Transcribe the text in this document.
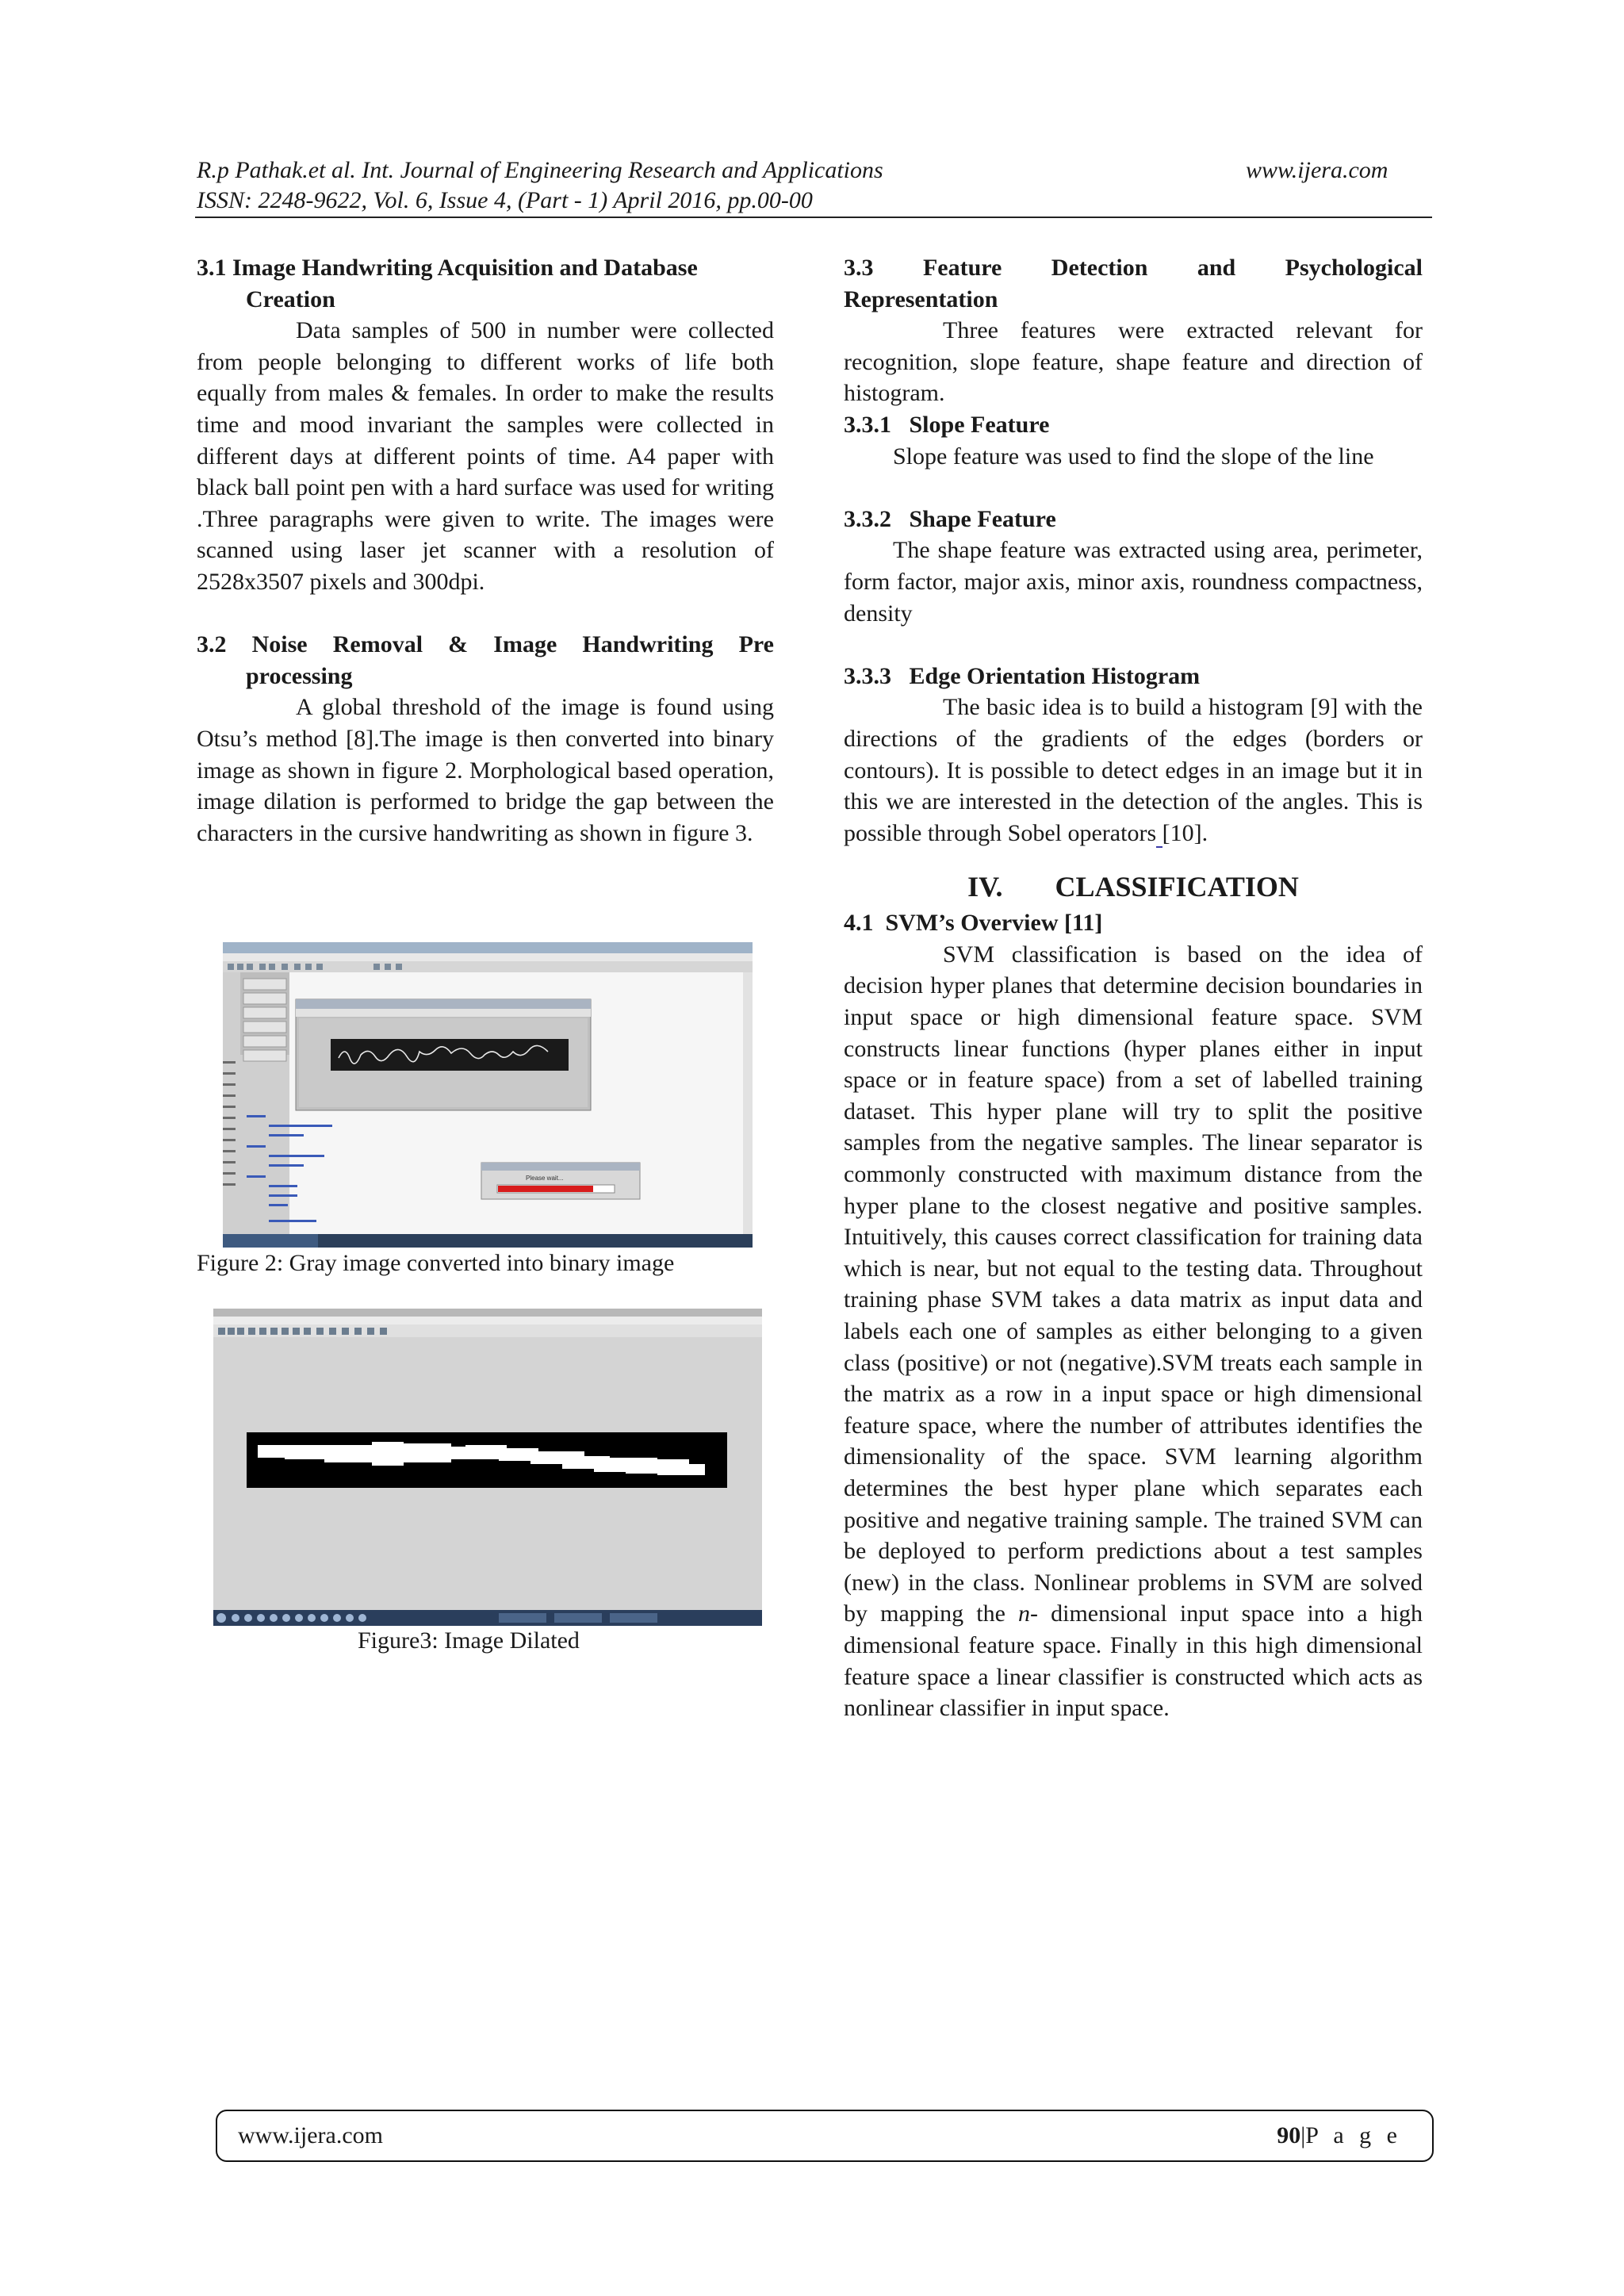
R.p Pathak.et al. Int. Journal of Engineering Research and Applications	www.ijera.com
ISSN: 2248-9622, Vol. 6, Issue 4, (Part - 1) April 2016, pp.00-00
3.1 Image Handwriting Acquisition and Database
Creation

Data samples of 500 in number were collected from people belonging to different works of life both equally from males & females. In order to make the results time and mood invariant the samples were collected in different days at different points of time. A4 paper with black ball point pen with a hard surface was used for writing .Three paragraphs were given to write. The images were scanned using laser jet scanner with a resolution of 2528x3507 pixels and 300dpi.

3.2 Noise Removal & Image Handwriting Pre
processing

A global threshold of the image is found using Otsu’s method [8].The image is then converted into binary image as shown in figure 2. Morphological based operation, image dilation is performed to bridge the gap between the characters in the cursive handwriting as shown in figure 3.

Please wait...
Figure 2: Gray image converted into binary image
Figure3: Image Dilated
3.3 Feature Detection and Psychological
Representation

Three features were extracted relevant for recognition, slope feature, shape feature and direction of histogram.

3.3.1   Slope Feature

Slope feature was used to find the slope of the line

3.3.2   Shape Feature

The shape feature was extracted using area, perimeter, form factor, major axis, minor axis, roundness compactness, density

3.3.3   Edge Orientation Histogram

The basic idea is to build a histogram [9] with the directions of the gradients of the edges (borders or contours). It is possible to detect edges in an image but it in this we are interested in the detection of the angles. This is possible through Sobel operators [10].

IV. CLASSIFICATION
4.1  SVM’s Overview [11]

SVM classification is based on the idea of decision hyper planes that determine decision boundaries in input space or high dimensional feature space. SVM constructs linear functions (hyper planes either in input space or in feature space) from a set of labelled training dataset. This hyper plane will try to split the positive samples from the negative samples. The linear separator is commonly constructed with maximum distance from the hyper plane to the closest negative and positive samples. Intuitively, this causes correct classification for training data which is near, but not equal to the testing data. Throughout training phase SVM takes a data matrix as input data and labels each one of samples as either belonging to a given class (positive) or not (negative).SVM treats each sample in the matrix as a row in a input space or high dimensional feature space, where the number of attributes identifies the dimensionality of the space. SVM learning algorithm determines the best hyper plane which separates each positive and negative training sample. The trained SVM can be deployed to perform predictions about a test samples (new) in the class. Nonlinear problems in SVM are solved by mapping the n- dimensional input space into a high dimensional feature space. Finally in this high dimensional feature space a linear classifier is constructed which acts as nonlinear classifier in input space.

www.ijera.com	90|P a g e
